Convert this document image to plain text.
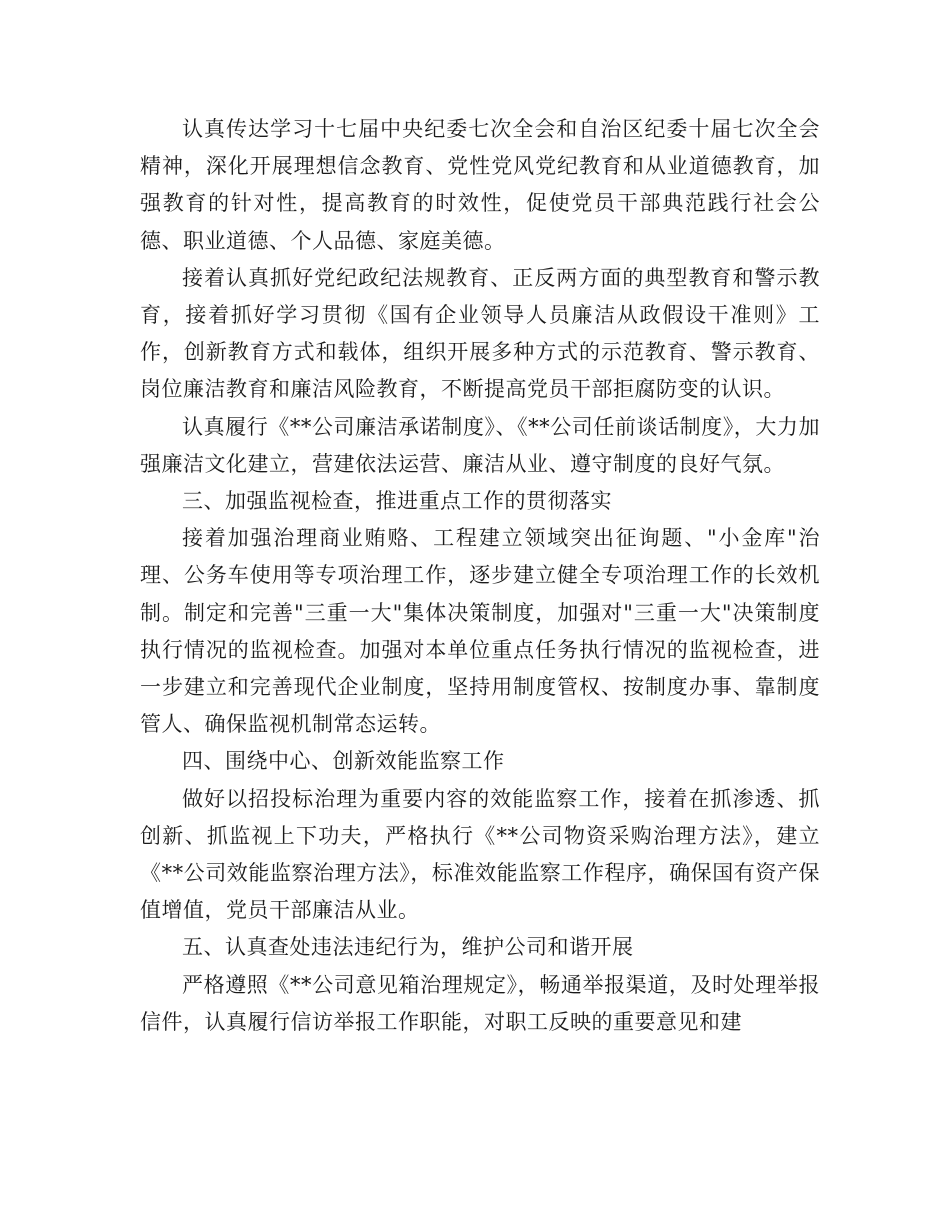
认真传达学习十七届中央纪委七次全会和自治区纪委十届七次全会精神，深化开展理想信念教育、党性党风党纪教育和从业道德教育，加强教育的针对性，提高教育的时效性，促使党员干部典范践行社会公德、职业道德、个人品德、家庭美德。

接着认真抓好党纪政纪法规教育、正反两方面的典型教育和警示教育，接着抓好学习贯彻《国有企业领导人员廉洁从政假设干准则》工作，创新教育方式和载体，组织开展多种方式的示范教育、警示教育、岗位廉洁教育和廉洁风险教育，不断提高党员干部拒腐防变的认识。

认真履行《**公司廉洁承诺制度》、《**公司任前谈话制度》，大力加强廉洁文化建立，营建依法运营、廉洁从业、遵守制度的良好气氛。

三、加强监视检查，推进重点工作的贯彻落实

接着加强治理商业贿赂、工程建立领域突出征询题、"小金库"治理、公务车使用等专项治理工作，逐步建立健全专项治理工作的长效机制。制定和完善"三重一大"集体决策制度，加强对"三重一大"决策制度执行情况的监视检查。加强对本单位重点任务执行情况的监视检查，进一步建立和完善现代企业制度，坚持用制度管权、按制度办事、靠制度管人、确保监视机制常态运转。

四、围绕中心、创新效能监察工作

做好以招投标治理为重要内容的效能监察工作，接着在抓渗透、抓创新、抓监视上下功夫，严格执行《**公司物资采购治理方法》，建立《**公司效能监察治理方法》，标准效能监察工作程序，确保国有资产保值增值，党员干部廉洁从业。

五、认真查处违法违纪行为，维护公司和谐开展

严格遵照《**公司意见箱治理规定》，畅通举报渠道，及时处理举报信件，认真履行信访举报工作职能，对职工反映的重要意见和建
